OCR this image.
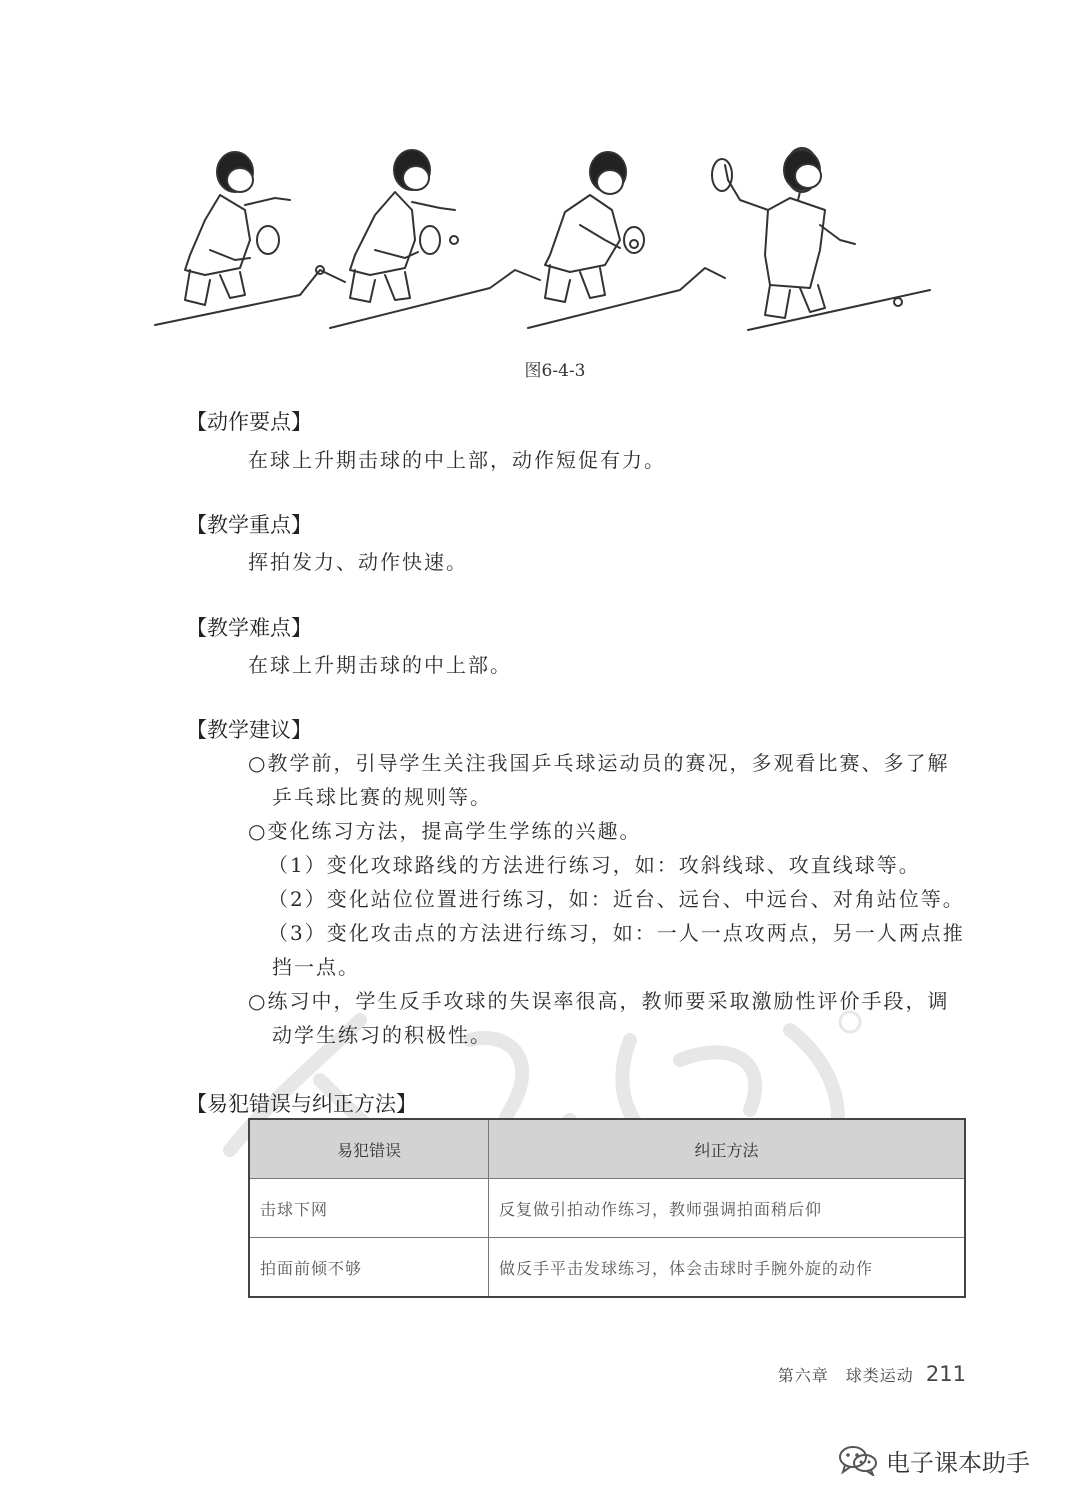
图6-4-3
【动作要点】
在球上升期击球的中上部，动作短促有力。
【教学重点】
挥拍发力、动作快速。
【教学难点】
在球上升期击球的中上部。
【教学建议】
○教学前，引导学生关注我国乒乓球运动员的赛况，多观看比赛、多了解
乒乓球比赛的规则等。
○变化练习方法，提高学生学练的兴趣。
（1）变化攻球路线的方法进行练习，如：攻斜线球、攻直线球等。
（2）变化站位位置进行练习，如：近台、远台、中远台、对角站位等。
（3）变化攻击点的方法进行练习，如：一人一点攻两点，另一人两点推
挡一点。
○练习中，学生反手攻球的失误率很高，教师要采取激励性评价手段，调
动学生练习的积极性。
【易犯错误与纠正方法】
易犯错误	纠正方法
击球下网	反复做引拍动作练习，教师强调拍面稍后仰
拍面前倾不够	做反手平击发球练习，体会击球时手腕外旋的动作
第六章　球类运动 211
电子课本助手
